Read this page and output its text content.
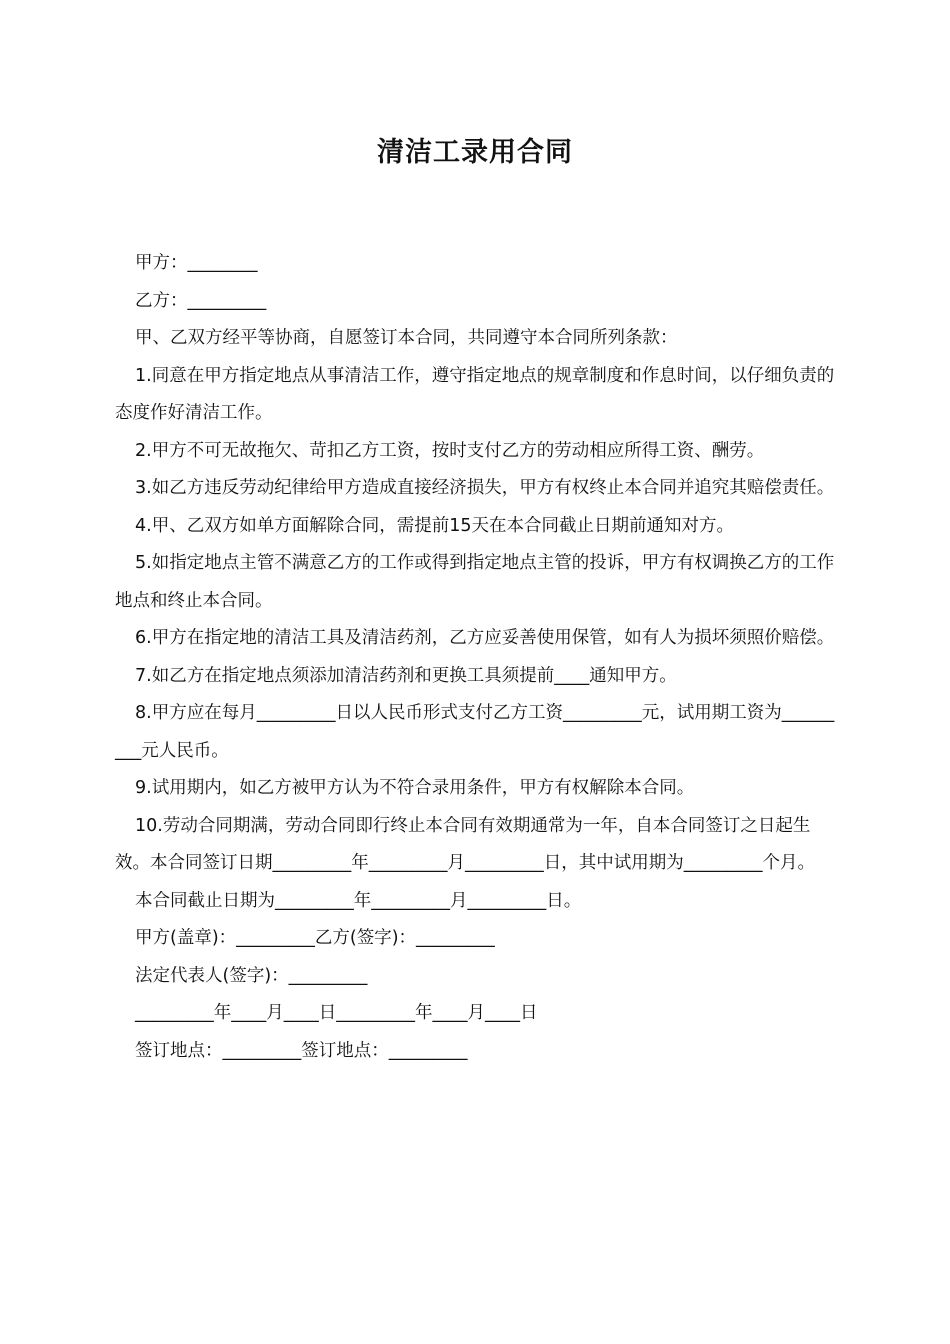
清洁工录用合同

甲方：________

乙方：_________

甲、乙双方经平等协商，自愿签订本合同，共同遵守本合同所列条款：

1.同意在甲方指定地点从事清洁工作，遵守指定地点的规章制度和作息时间，以仔细负责的态度作好清洁工作。

2.甲方不可无故拖欠、苛扣乙方工资，按时支付乙方的劳动相应所得工资、酬劳。

3.如乙方违反劳动纪律给甲方造成直接经济损失，甲方有权终止本合同并追究其赔偿责任。

4.甲、乙双方如单方面解除合同，需提前15天在本合同截止日期前通知对方。

5.如指定地点主管不满意乙方的工作或得到指定地点主管的投诉，甲方有权调换乙方的工作地点和终止本合同。

6.甲方在指定地的清洁工具及清洁药剂，乙方应妥善使用保管，如有人为损坏须照价赔偿。

7.如乙方在指定地点须添加清洁药剂和更换工具须提前____通知甲方。

8.甲方应在每月_________日以人民币形式支付乙方工资_________元，试用期工资为_________元人民币。

9.试用期内，如乙方被甲方认为不符合录用条件，甲方有权解除本合同。

10.劳动合同期满，劳动合同即行终止本合同有效期通常为一年，自本合同签订之日起生效。本合同签订日期_________年_________月_________日，其中试用期为_________个月。

本合同截止日期为_________年_________月_________日。

甲方(盖章)：_________乙方(签字)：_________

法定代表人(签字)：_________

_________年____月____日_________年____月____日

签订地点：_________签订地点：_________
